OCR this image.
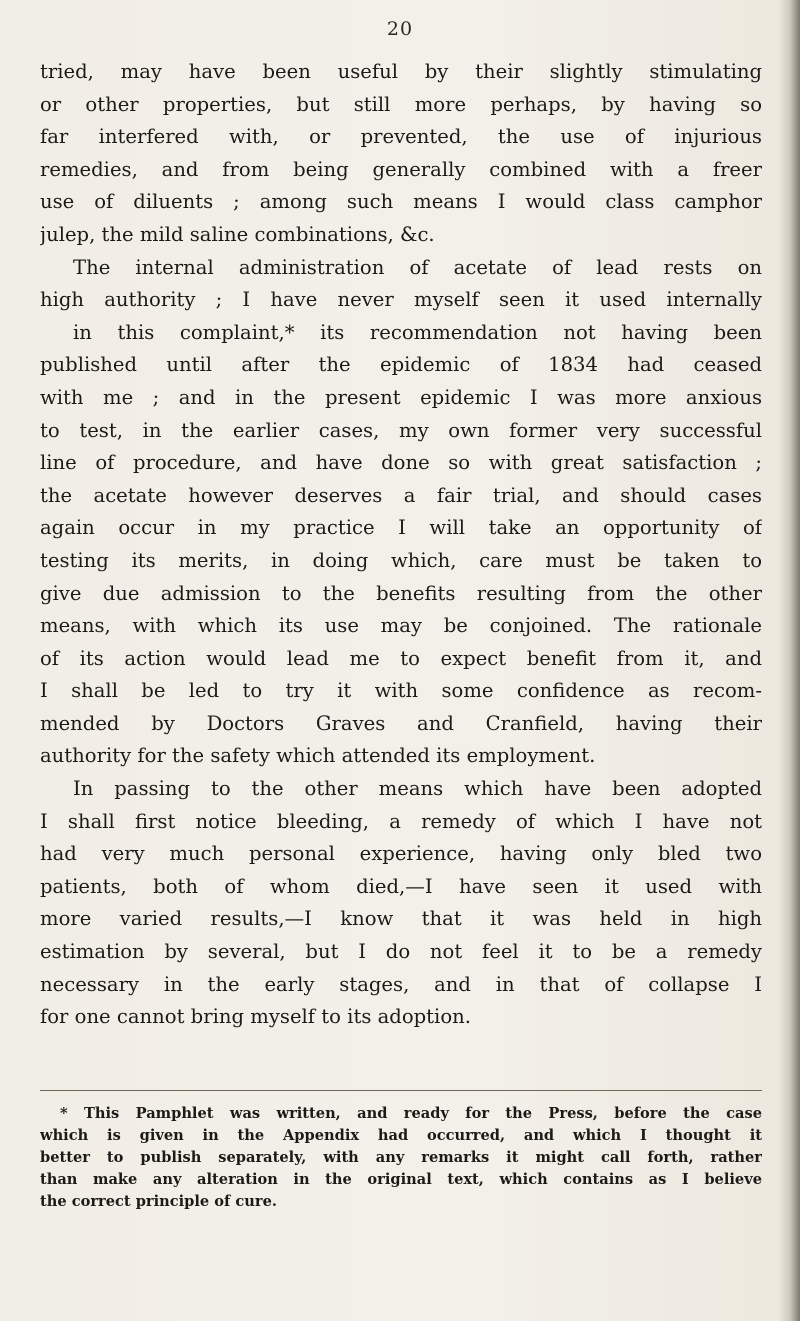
20
tried, may have been useful by their slightly stimulating
or other properties, but still more perhaps, by having so
far interfered with, or prevented, the use of injurious
remedies, and from being generally combined with a freer
use of diluents ; among such means I would class camphor
julep, the mild saline combinations, &c.
The internal administration of acetate of lead rests on
high authority ; I have never myself seen it used internally
in this complaint,* its recommendation not having been
published until after the epidemic of 1834 had ceased
with me ; and in the present epidemic I was more anxious
to test, in the earlier cases, my own former very successful
line of procedure, and have done so with great satisfaction ;
the acetate however deserves a fair trial, and should cases
again occur in my practice I will take an opportunity of
testing its merits, in doing which, care must be taken to
give due admission to the benefits resulting from the other
means, with which its use may be conjoined. The rationale
of its action would lead me to expect benefit from it, and
I shall be led to try it with some confidence as recom-
mended by Doctors Graves and Cranfield, having their
authority for the safety which attended its employment.
In passing to the other means which have been adopted
I shall first notice bleeding, a remedy of which I have not
had very much personal experience, having only bled two
patients, both of whom died,—I have seen it used with
more varied results,—I know that it was held in high
estimation by several, but I do not feel it to be a remedy
necessary in the early stages, and in that of collapse I
for one cannot bring myself to its adoption.
* This Pamphlet was written, and ready for the Press, before the case
which is given in the Appendix had occurred, and which I thought it
better to publish separately, with any remarks it might call forth, rather
than make any alteration in the original text, which contains as I believe
the correct principle of cure.
